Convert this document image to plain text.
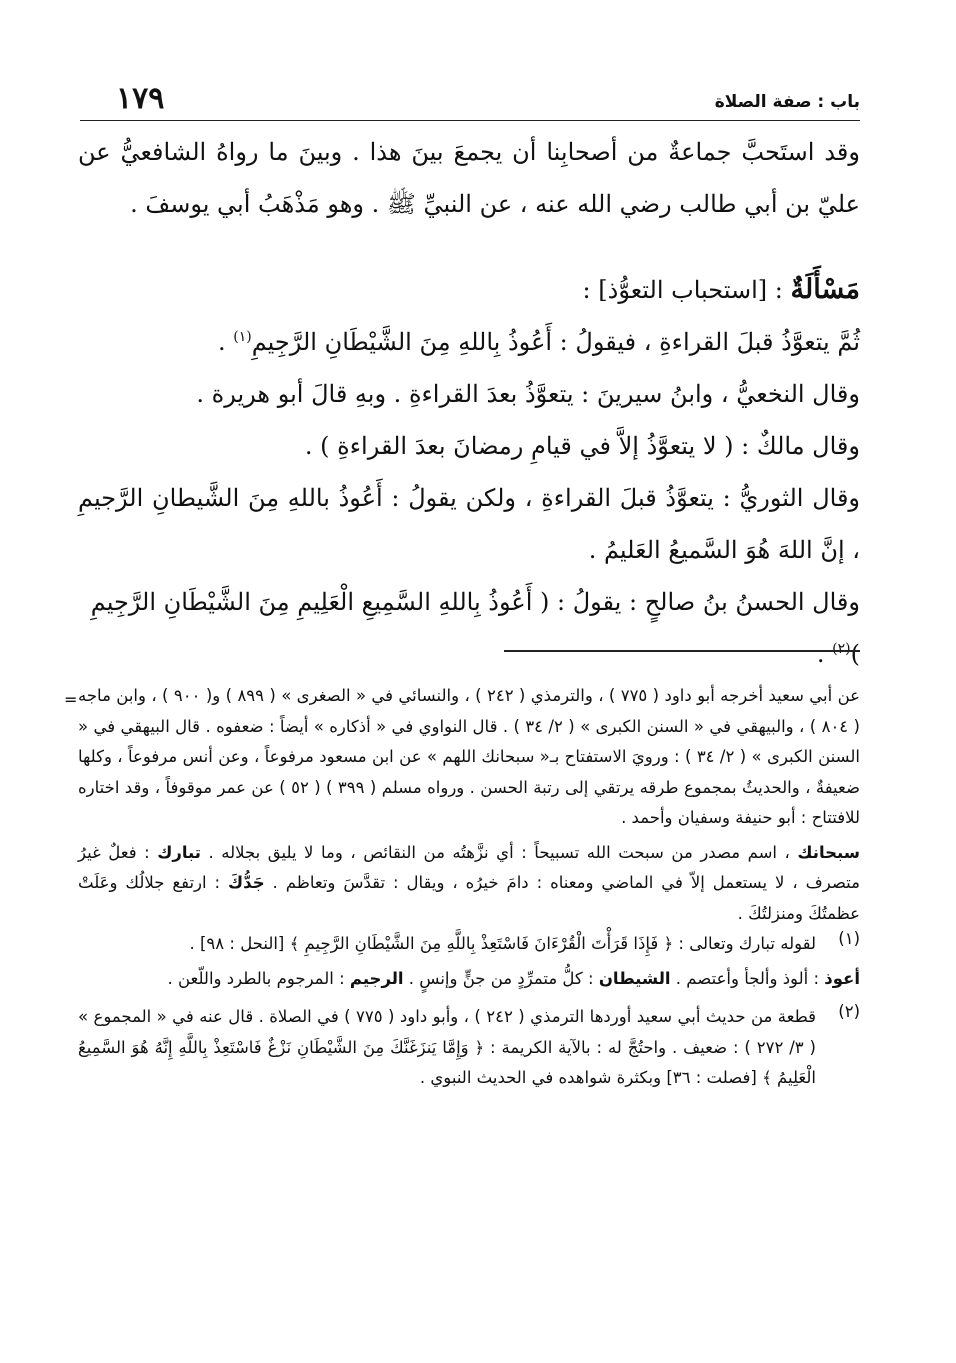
باب : صفة الصلاة
١٧٩

وقد استَحبَّ جماعةٌ من أصحابِنا أن يجمعَ بينَ هذا . وبينَ ما رواهُ الشافعيُّ عن عليّ بن أبي طالب رضي الله عنه ، عن النبيِّ ﷺ . وهو مَذْهَبُ أبي يوسفَ .

مَسْأَلَةٌ : [استحباب التعوُّذ] :

ثُمَّ يتعوَّذُ قبلَ القراءةِ ، فيقولُ : أَعُوذُ بِاللهِ مِنَ الشَّيْطَانِ الرَّجِيمِ$^{(١)}$ .

وقال النخعيُّ ، وابنُ سيرينَ : يتعوَّذُ بعدَ القراءةِ . وبهِ قالَ أبو هريرة .

وقال مالكٌ : ( لا يتعوَّذُ إلاَّ في قيامِ رمضانَ بعدَ القراءةِ ) .

وقال الثوريُّ : يتعوَّذُ قبلَ القراءةِ ، ولكن يقولُ : أَعُوذُ باللهِ مِنَ الشَّيطانِ الرَّجيمِ ، إنَّ اللهَ هُوَ السَّميعُ العَليمُ .

وقال الحسنُ بنُ صالحٍ : يقولُ : ( أَعُوذُ بِاللهِ السَّمِيعِ الْعَلِيمِ مِنَ الشَّيْطَانِ الرَّجِيمِ )$^{(٢)}$ .

= عن أبي سعيد أخرجه أبو داود ( ٧٧٥ ) ، والترمذي ( ٢٤٢ ) ، والنسائي في « الصغرى » ( ٨٩٩ ) و( ٩٠٠ ) ، وابن ماجه ( ٨٠٤ ) ، والبيهقي في « السنن الكبرى » ( ٢/ ٣٤ ) . قال النواوي في « أذكاره » أيضاً : ضعفوه . قال البيهقي في « السنن الكبرى » ( ٢/ ٣٤ ) : ورويَ الاستفتاح بـ« سبحانك اللهم » عن ابن مسعود مرفوعاً ، وعن أنس مرفوعاً ، وكلها ضعيفةٌ ، والحديثُ بمجموع طرقه يرتقي إلى رتبة الحسن . ورواه مسلم ( ٣٩٩ ) ( ٥٢ ) عن عمر موقوفاً ، وقد اختاره للافتتاح : أبو حنيفة وسفيان وأحمد .

سبحانك ، اسم مصدر من سبحت الله تسبيحاً : أي نزَّهتُه من النقائص ، وما لا يليق بجلاله . تبارك : فعلٌ غيرُ متصرف ، لا يستعمل إلاّ في الماضي ومعناه : دامَ خيرُه ، ويقال : تقدَّسَ وتعاظم . جَدُّكَ : ارتفع جلالُك وعَلَتْ عظمتُكَ ومنزلتُكَ .

(١)

لقوله تبارك وتعالى : ﴿ فَإِذَا قَرَأْتَ الْقُرْءَانَ فَاسْتَعِذْ بِاللَّهِ مِنَ الشَّيْطَانِ الرَّجِيمِ ﴾ [النحل : ٩٨] .

أعوذ : ألوذ وألجأ وأعتصم . الشيطان : كلُّ متمرِّدٍ من جنٍّ وإنسٍ . الرجيم : المرجوم بالطرد واللّعن .

(٢)

قطعة من حديث أبي سعيد أوردها الترمذي ( ٢٤٢ ) ، وأبو داود ( ٧٧٥ ) في الصلاة . قال عنه في « المجموع » ( ٣/ ٢٧٢ ) : ضعيف . واحتُجَّ له : بالآية الكريمة : ﴿ وَإِمَّا يَنزَغَنَّكَ مِنَ الشَّيْطَانِ نَزْغٌ فَاسْتَعِذْ بِاللَّهِ إِنَّهُ هُوَ السَّمِيعُ الْعَلِيمُ ﴾ [فصلت : ٣٦] وبكثرة شواهده في الحديث النبوي .
